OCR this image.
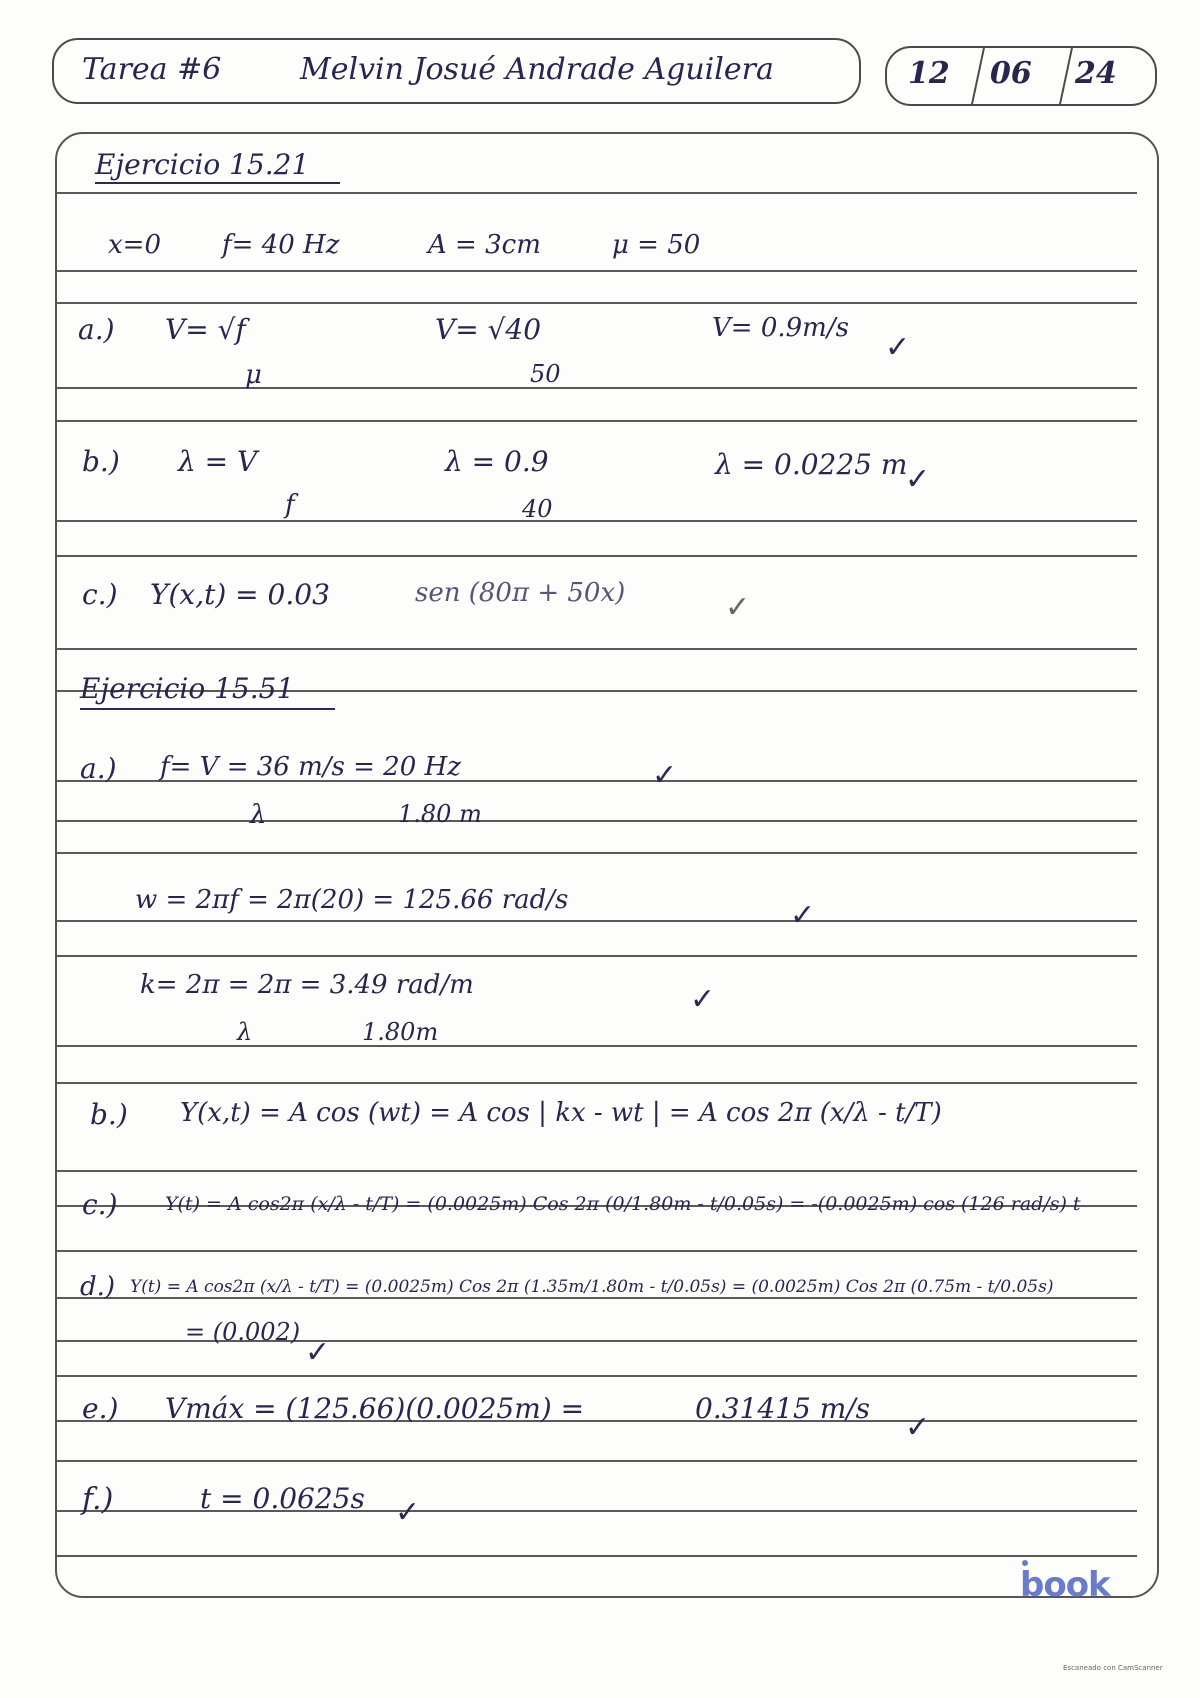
Tarea #6	Melvin Josué Andrade Aguilera	12 06 24
Ejercicio 15.21
x=0 f= 40 Hz	A = 3cm	μ = 50
a.) V= √f
μ
V= √40
50
V= 0.9m/s
✓
b.) λ = V
f
λ = 0.9
40
λ = 0.0225 m
✓
c.) Y(x,t) = 0.03	sen (80π + 50x)	✓
Ejercicio 15.51
a.) f= V = 36 m/s = 20 Hz
λ	1.80 m
✓
w = 2πf = 2π(20) = 125.66 rad/s	✓
k= 2π = 2π = 3.49 rad/m
λ	1.80m
✓
b.) Y(x,t) = A cos (wt) = A cos | kx - wt | = A cos 2π (x/λ - t/T)
c.) Y(t) = A cos2π (x/λ - t/T) = (0.0025m) Cos 2π (0/1.80m - t/0.05s) = -(0.0025m) cos (126 rad/s) t
d.) Y(t) = A cos2π (x/λ - t/T) = (0.0025m) Cos 2π (1.35m/1.80m - t/0.05s) = (0.0025m) Cos 2π (0.75m - t/0.05s)
= (0.002)
✓
e.) Vmáx = (125.66)(0.0025m) =	0.31415 m/s
✓
f.)	t = 0.0625s ✓
book
Escaneado con CamScanner
